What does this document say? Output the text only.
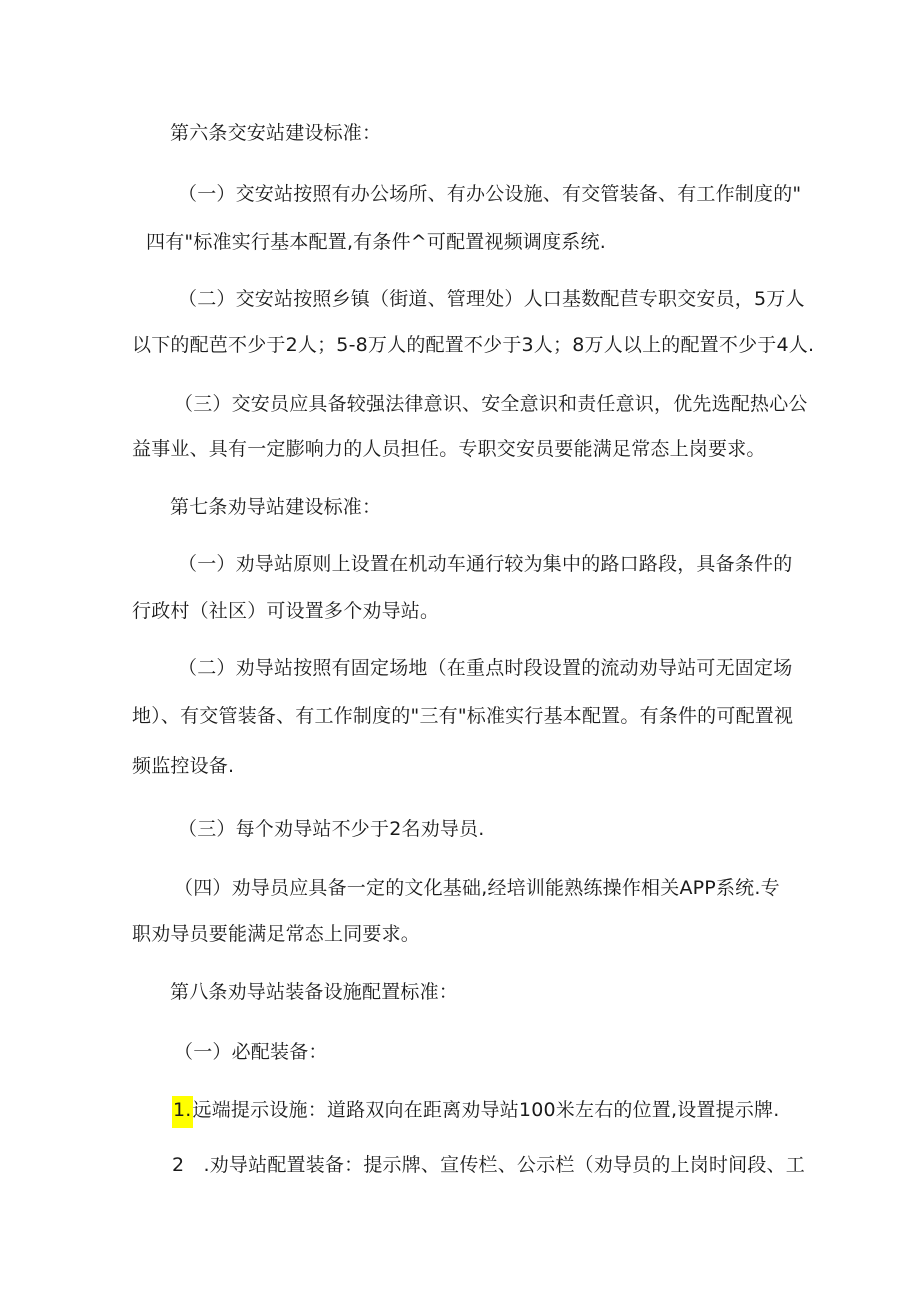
第六条交安站建设标准：
（一）交安站按照有办公场所、有办公设施、有交管装备、有工作制度的"
四有"标准实行基本配置,有条件^可配置视频调度系统.
（二）交安站按照乡镇（街道、管理处）人口基数配苣专职交安员，5万人
以下的配芭不少于2人；5-8万人的配置不少于3人；8万人以上的配置不少于4人.
（三）交安员应具备较强法律意识、安全意识和责任意识，优先选配热心公
益事业、具有一定膨响力的人员担任。专职交安员要能满足常态上岗要求。
第七条劝导站建设标准：
（一）劝导站原则上设置在机动车通行较为集中的路口路段，具备条件的
行政村（社区）可设置多个劝导站。
（二）劝导站按照有固定场地（在重点时段设置的流动劝导站可无固定场
地）、有交管装备、有工作制度的"三有"标准实行基本配置。有条件的可配置视
频监控设备.
（三）每个劝导站不少于2名劝导员.
（四）劝导员应具备一定的文化基础,经培训能熟练操作相关APP系统.专
职劝导员要能满足常态上同要求。
第八条劝导站装备设施配置标准：
（一）必配装备：
1.远端提示设施：道路双向在距离劝导站100米左右的位置,设置提示牌.
2　.劝导站配置装备：提示牌、宣传栏、公示栏（劝导员的上岗时间段、工
